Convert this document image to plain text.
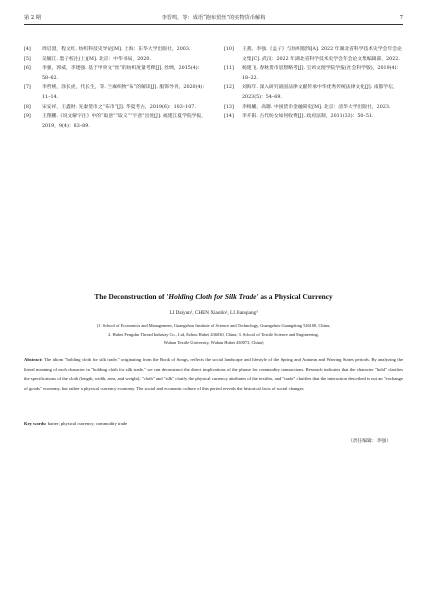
第 2 期	李晋鸣，等：成语“抱布贸丝”的实物货币解构	7
[4]	周启澄，程文红. 纺织科技史导论[M]. 上海：东华大学出版社，2003.
[5]	吴毓江. 墨子校注(上)[M]. 北京：中华书局，2020.
[6]	李强，郭威，李建强. 基于甲骨文“丝”的纺织度量考释[J]. 丝绸，2015(4)：58–62.
[7]	李哲桃，涂长虎，代长生，等. 兰麻织物“布”的解读[J]. 服饰导刊，2020(4)：11–14.
[8]	宋安祥，王鑫财. 先秦货币之“布币”[J]. 华夏考古，2019(6)：103–107.
[9]	王翔鹏.《说文解字注》中的“取意”“取义”“字意”出处[J]. 福建江夏学院学报，2019，9(4)：83–89.
[10]	王燕，李强.《孟子》与纺织服饰[A]. 2022 年湖北省科学技术史学会年会论文集[C]. 武汉：2022 年湖北省科学技术史学会年会论文集编辑部，2022.
[11]	杨建飞. 春秋货币思想略考[J]. 宝鸡文理学院学报(社会科学版)，2019(4)：18–22.
[12]	刘海年. 深入研究战国法律文献传承中华优秀传统法律文化[J]. 南都学坛，2023(5)：54–69.
[13]	李根蟠，高珊. 中国货币金融简史[M]. 北京：清华大学出版社，2023.
[14]	李开阳. 古代纺女如何收费[J]. 政府法制，2011(33)：50–51.
The Deconstruction of 'Holding Cloth for Silk Trade' as a Physical Currency
LI Daiyun¹, CHEN Xiaolin², LI Jianqiang³
(1. School of Economics and Management, Guangzhou Institute of Science and Technology, Guangzhou Guangdong 526100, China;
2. Hubei Fengshu Thread Industry Co., Ltd, Ezhou Hubei 436030, China; 3. School of Textile Science and Engineering,
Wuhan Textile University, Wuhan Hubei 430073, China)
Abstract: The idiom "holding cloth for silk trade," originating from the Book of Songs, reflects the social landscape and lifestyle of the Spring and Autumn and Warring States periods. By analyzing the literal meaning of each character in "holding cloth for silk trade," we can deconstruct the direct implications of the phrase for commodity transactions. Research indicates that the character "hold" clarifies the specifications of the cloth (length, width, area, and weight); "cloth" and "silk" clarify the physical currency attributes of the textiles, and "trade" clarifies that the interaction described is not an "exchange of goods" economy, but rather a physical currency economy. The social and economic culture of this period reveals the historical facts of social changes.
Key words: barter; physical currency; commodity trade
（责任编辑：李强）
